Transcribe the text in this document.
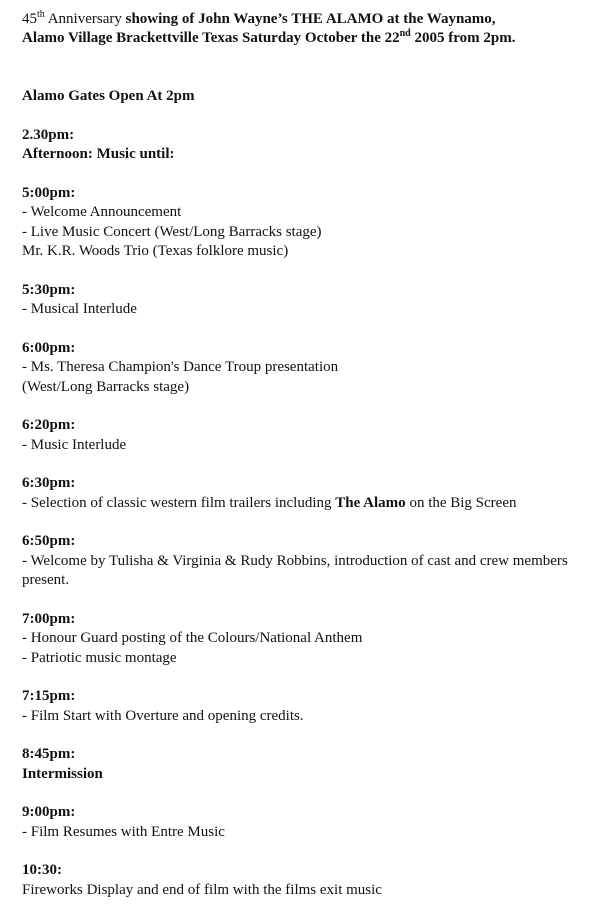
45th Anniversary showing of John Wayne’s THE ALAMO at the Waynamo,
Alamo Village Brackettville Texas Saturday October the 22nd 2005 from 2pm.
Alamo Gates Open At 2pm
2.30pm:
Afternoon: Music until:
5:00pm:
- Welcome Announcement
- Live Music Concert (West/Long Barracks stage)
Mr. K.R. Woods Trio (Texas folklore music)
5:30pm:
- Musical Interlude
6:00pm:
- Ms. Theresa Champion's Dance Troup presentation
(West/Long Barracks stage)
6:20pm:
- Music Interlude
6:30pm:
- Selection of classic western film trailers including The Alamo on the Big Screen
6:50pm:
- Welcome by Tulisha & Virginia & Rudy Robbins, introduction of cast and crew members present.
7:00pm:
- Honour Guard posting of the Colours/National Anthem
- Patriotic music montage
7:15pm:
- Film Start with Overture and opening credits.
8:45pm:
Intermission
9:00pm:
- Film Resumes with Entre Music
10:30:
Fireworks Display and end of film with the films exit music
